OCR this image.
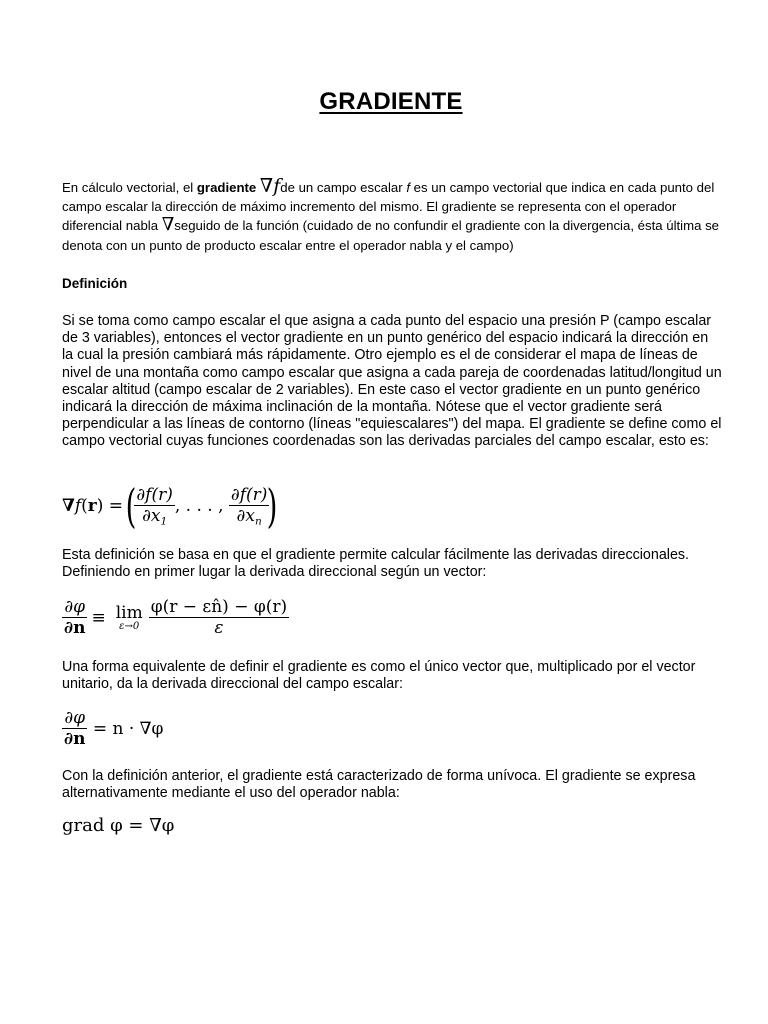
GRADIENTE

En cálculo vectorial, el gradiente ∇fde un campo escalar f es un campo vectorial que indica en cada punto del campo escalar la dirección de máximo incremento del mismo. El gradiente se representa con el operador diferencial nabla ∇seguido de la función (cuidado de no confundir el gradiente con la divergencia, ésta última se denota con un punto de producto escalar entre el operador nabla y el campo)

Definición

Si se toma como campo escalar el que asigna a cada punto del espacio una presión P (campo escalar de 3 variables), entonces el vector gradiente en un punto genérico del espacio indicará la dirección en la cual la presión cambiará más rápidamente. Otro ejemplo es el de considerar el mapa de líneas de nivel de una montaña como campo escalar que asigna a cada pareja de coordenadas latitud/longitud un escalar altitud (campo escalar de 2 variables). En este caso el vector gradiente en un punto genérico indicará la dirección de máxima inclinación de la montaña. Nótese que el vector gradiente será perpendicular a las líneas de contorno (líneas "equiescalares") del mapa. El gradiente se define como el campo vectorial cuyas funciones coordenadas son las derivadas parciales del campo escalar, esto es:

∇ f ( r ) =
(
$\frac{\partial f(r)}{\partial x_1}$ , . . . , $\frac{\partial f(r)}{\partial x_n}$
)

Esta definición se basa en que el gradiente permite calcular fácilmente las derivadas direccionales. Definiendo en primer lugar la derivada direccional según un vector:

$\frac{\partial\varphi}{\partial n} \equiv \lim$
$\varepsilon\to 0 \frac{\varphi(r - \varepsilon n̂) - \varphi(r)}{\varepsilon}$

Una forma equivalente de definir el gradiente es como el único vector que, multiplicado por el vector unitario, da la derivada direccional del campo escalar:

$\frac{\partial\varphi}{\partial n} = n \cdot \nabla\varphi$

Con la definición anterior, el gradiente está caracterizado de forma unívoca. El gradiente se expresa alternativamente mediante el uso del operador nabla:

grad φ = ∇φ
